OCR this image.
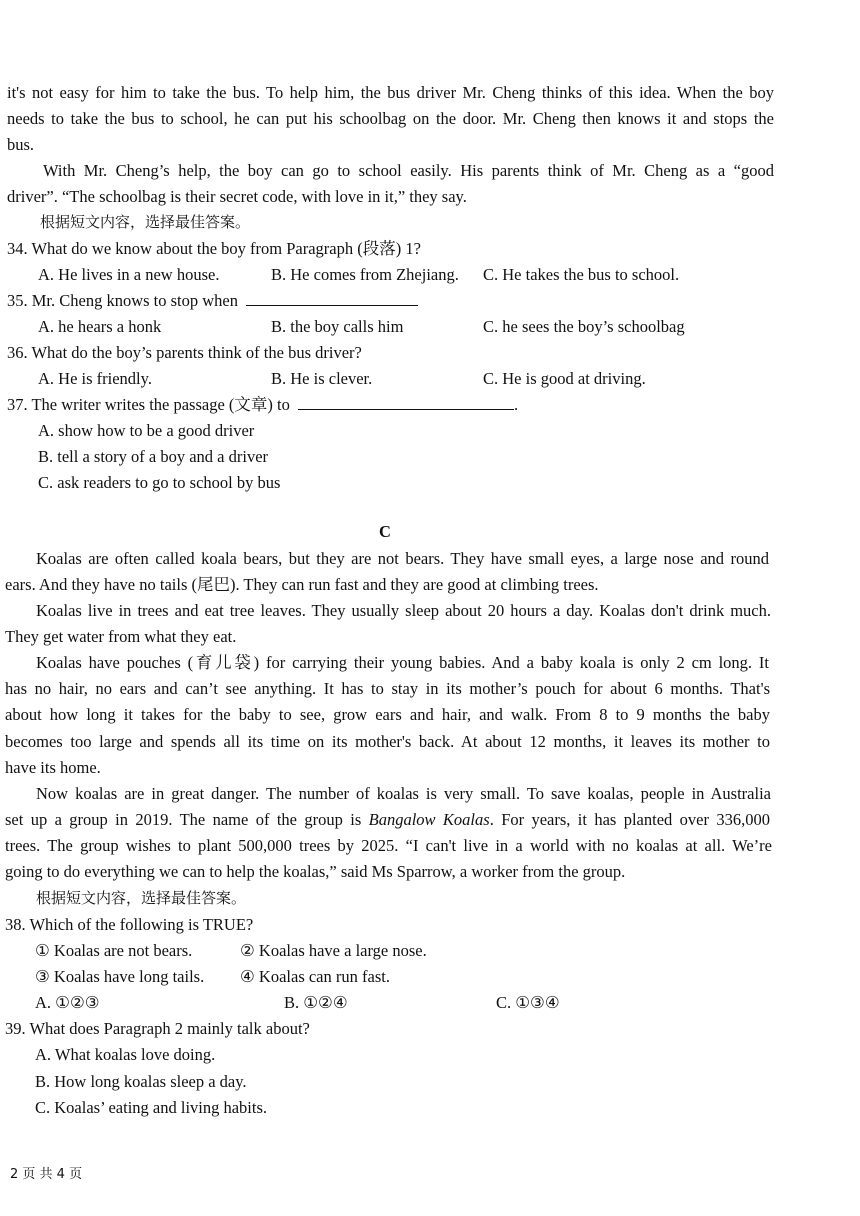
it's not easy for him to take the bus. To help him, the bus driver Mr. Cheng thinks of this idea. When the boy
needs to take the bus to school, he can put his schoolbag on the door. Mr. Cheng then knows it and stops the
bus.
With Mr. Cheng’s help, the boy can go to school easily. His parents think of Mr. Cheng as a “good
driver”. “The schoolbag is their secret code, with love in it,” they say.
根据短文内容，选择最佳答案。
34. What do we know about the boy from Paragraph (段落) 1?
A. He lives in a new house.	B. He comes from Zhejiang. C. He takes the bus to school.
35. Mr. Cheng knows to stop when
A. he hears a honk	B. the boy calls him	C. he sees the boy’s schoolbag
36. What do the boy’s parents think of the bus driver?
A. He is friendly.	B. He is clever.	C. He is good at driving.
37. The writer writes the passage (文章) to	.
A. show how to be a good driver
B. tell a story of a boy and a driver
C. ask readers to go to school by bus
C
Koalas are often called koala bears, but they are not bears. They have small eyes, a large nose and round
ears. And they have no tails (尾巴). They can run fast and they are good at climbing trees.
Koalas live in trees and eat tree leaves. They usually sleep about 20 hours a day. Koalas don't drink much.
They get water from what they eat.
Koalas have pouches (育儿袋) for carrying their young babies. And a baby koala is only 2 cm long. It
has no hair, no ears and can’t see anything. It has to stay in its mother’s pouch for about 6 months. That's
about how long it takes for the baby to see, grow ears and hair, and walk. From 8 to 9 months the baby
becomes too large and spends all its time on its mother's back. At about 12 months, it leaves its mother to
have its home.
Now koalas are in great danger. The number of koalas is very small. To save koalas, people in Australia
set up a group in 2019. The name of the group is Bangalow Koalas. For years, it has planted over 336,000
trees. The group wishes to plant 500,000 trees by 2025. “I can't live in a world with no koalas at all. We’re
going to do everything we can to help the koalas,” said Ms Sparrow, a worker from the group.
根据短文内容，选择最佳答案。
38. Which of the following is TRUE?
① Koalas are not bears.	② Koalas have a large nose.
③ Koalas have long tails. ④ Koalas can run fast.
A. ①②③	B. ①②④	C. ①③④
39. What does Paragraph 2 mainly talk about?
A. What koalas love doing.
B. How long koalas sleep a day.
C. Koalas’ eating and living habits.
2 页 共 4 页
